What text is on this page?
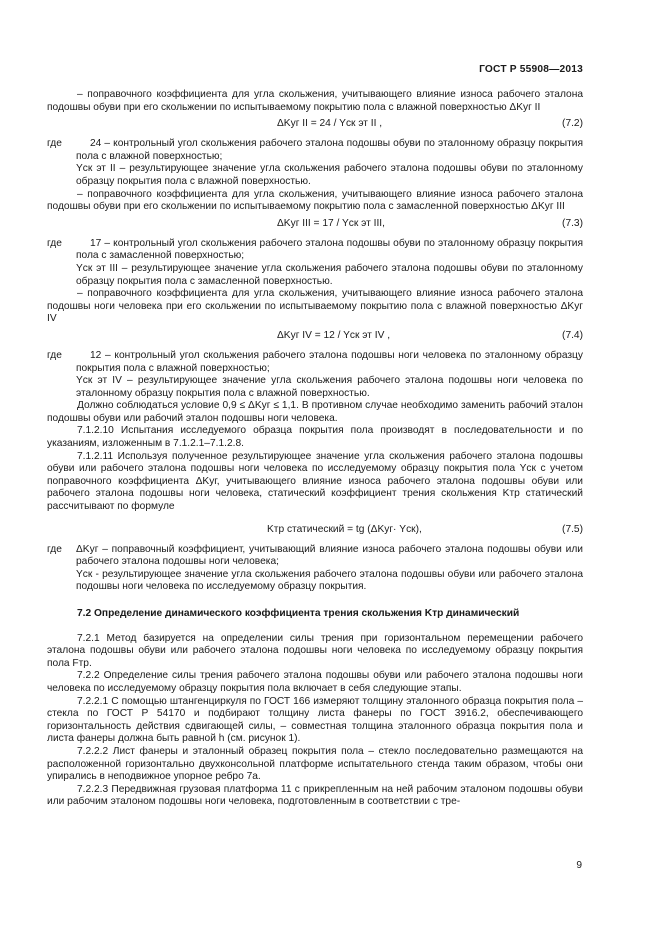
ГОСТ Р 55908—2013

– поправочного коэффициента для угла скольжения, учитывающего влияние износа рабочего эталона подошвы обуви при его скольжении по испытываемому покрытию пола с влажной поверхностью ΔKуг II

ΔKуг II = 24 / Yск эт II ,	(7.2)
где	24 – контрольный угол скольжения рабочего эталона подошвы обуви по эталонному образцу покрытия пола с влажной поверхностью;

Yск эт II – результирующее значение угла скольжения рабочего эталона подошвы обуви по эталонному образцу покрытия пола с влажной поверхностью.

– поправочного коэффициента для угла скольжения, учитывающего влияние износа рабочего эталона подошвы обуви при его скольжении по испытываемому покрытию пола с замасленной поверхностью ΔKуг III

ΔKуг III = 17 / Yск эт III,	(7.3)
где	17 – контрольный угол скольжения рабочего эталона подошвы обуви по эталонному образцу покрытия пола с замасленной поверхностью;

Yск эт III – результирующее значение угла скольжения рабочего эталона подошвы обуви по эталонному образцу покрытия пола с замасленной поверхностью.

– поправочного коэффициента для угла скольжения, учитывающего влияние износа рабочего эталона подошвы ноги человека при его скольжении по испытываемому покрытию пола с влажной поверхностью ΔKуг IV

ΔKуг IV = 12 / Yск эт IV ,	(7.4)
где	12 – контрольный угол скольжения рабочего эталона подошвы ноги человека по эталонному образцу покрытия пола с влажной поверхностью;

Yск эт IV – результирующее значение угла скольжения рабочего эталона подошвы ноги человека по эталонному образцу покрытия пола с влажной поверхностью.

Должно соблюдаться условие 0,9 ≤ ΔKуг ≤ 1,1. В противном случае необходимо заменить рабочий эталон подошвы обуви или рабочий эталон подошвы ноги человека.

7.1.2.10 Испытания исследуемого образца покрытия пола производят в последовательности и по указаниям, изложенным в 7.1.2.1–7.1.2.8.

7.1.2.11 Используя полученное результирующее значение угла скольжения рабочего эталона подошвы обуви или рабочего эталона подошвы ноги человека по исследуемому образцу покрытия пола Yск с учетом поправочного коэффициента ΔKуг, учитывающего влияние износа рабочего эталона подошвы обуви или рабочего эталона подошвы ноги человека, статический коэффициент трения скольжения Kтр статический рассчитывают по формуле

Kтр статический = tg (ΔKуг· Yск),	(7.5)
где ΔKуг – поправочный коэффициент, учитывающий влияние износа рабочего эталона подошвы обуви или рабочего эталона подошвы ноги человека;

Yск - результирующее значение угла скольжения рабочего эталона подошвы обуви или рабочего эталона подошвы ноги человека по исследуемому образцу покрытия.

7.2 Определение динамического коэффициента трения скольжения Kтр динамический

7.2.1 Метод базируется на определении силы трения при горизонтальном перемещении рабочего эталона подошвы обуви или рабочего эталона подошвы ноги человека по исследуемому образцу покрытия пола Fтр.

7.2.2 Определение силы трения рабочего эталона подошвы обуви или рабочего эталона подошвы ноги человека по исследуемому образцу покрытия пола включает в себя следующие этапы.

7.2.2.1 С помощью штангенциркуля по ГОСТ 166 измеряют толщину эталонного образца покрытия пола – стекла по ГОСТ Р 54170 и подбирают толщину листа фанеры по ГОСТ 3916.2, обеспечивающего горизонтальность действия сдвигающей силы, – совместная толщина эталонного образца покрытия пола и листа фанеры должна быть равной h (см. рисунок 1).

7.2.2.2 Лист фанеры и эталонный образец покрытия пола – стекло последовательно размещаются на расположенной горизонтально двухконсольной платформе испытательного стенда таким образом, чтобы они упирались в неподвижное упорное ребро 7а.

7.2.2.3 Передвижная грузовая платформа 11 с прикрепленным на ней рабочим эталоном подошвы обуви или рабочим эталоном подошвы ноги человека, подготовленным в соответствии с тре-

9
